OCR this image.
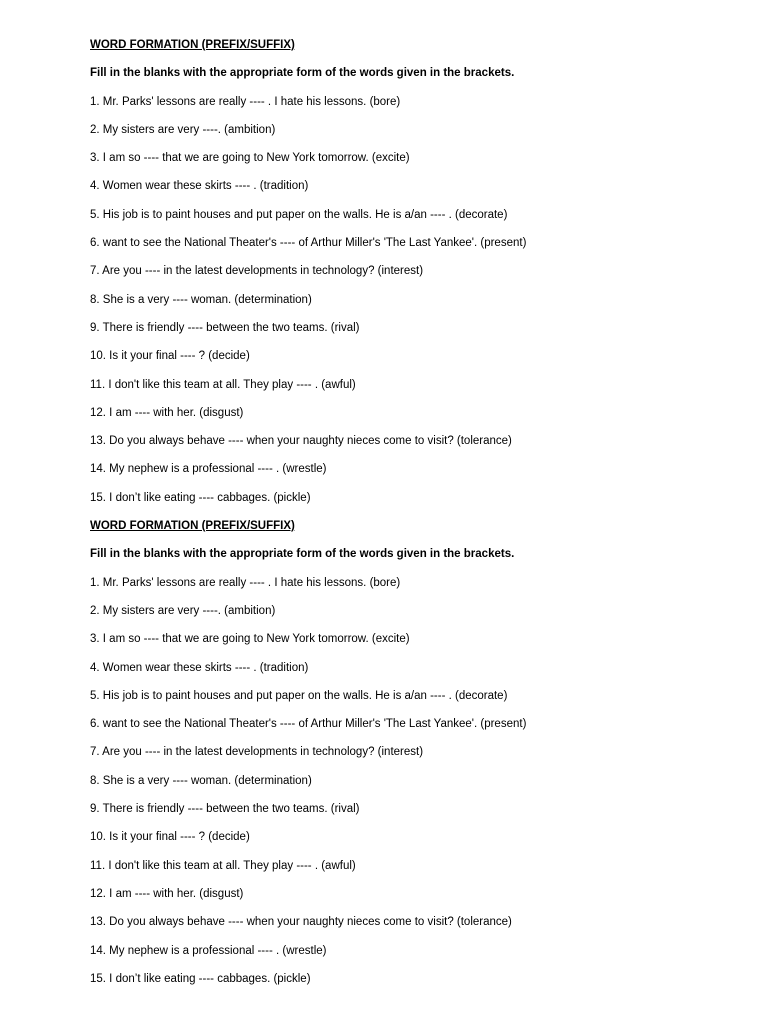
WORD FORMATION (PREFIX/SUFFIX)
Fill in the blanks with the appropriate form of the words given in the brackets.
1. Mr. Parks' lessons are really ---- . I hate his lessons. (bore)
2. My sisters are very ----. (ambition)
3. I am so ---- that we are going to New York tomorrow. (excite)
4. Women wear these skirts ---- . (tradition)
5. His job is to paint houses and put paper on the walls. He is a/an ---- . (decorate)
6. want to see the National Theater's ---- of Arthur Miller's 'The Last Yankee'. (present)
7. Are you ---- in the latest developments in technology? (interest)
8. She is a very ---- woman. (determination)
9. There is friendly ---- between the two teams. (rival)
10. Is it your final ---- ? (decide)
11. I don't like this team at all. They play ---- . (awful)
12. I am ---- with her. (disgust)
13. Do you always behave ---- when your naughty nieces come to visit? (tolerance)
14. My nephew is a professional ---- . (wrestle)
15. I don’t like eating ---- cabbages. (pickle)
WORD FORMATION (PREFIX/SUFFIX)
Fill in the blanks with the appropriate form of the words given in the brackets.
1. Mr. Parks' lessons are really ---- . I hate his lessons. (bore)
2. My sisters are very ----. (ambition)
3. I am so ---- that we are going to New York tomorrow. (excite)
4. Women wear these skirts ---- . (tradition)
5. His job is to paint houses and put paper on the walls. He is a/an ---- . (decorate)
6. want to see the National Theater's ---- of Arthur Miller's 'The Last Yankee'. (present)
7. Are you ---- in the latest developments in technology? (interest)
8. She is a very ---- woman. (determination)
9. There is friendly ---- between the two teams. (rival)
10. Is it your final ---- ? (decide)
11. I don't like this team at all. They play ---- . (awful)
12. I am ---- with her. (disgust)
13. Do you always behave ---- when your naughty nieces come to visit? (tolerance)
14. My nephew is a professional ---- . (wrestle)
15. I don’t like eating ---- cabbages. (pickle)
